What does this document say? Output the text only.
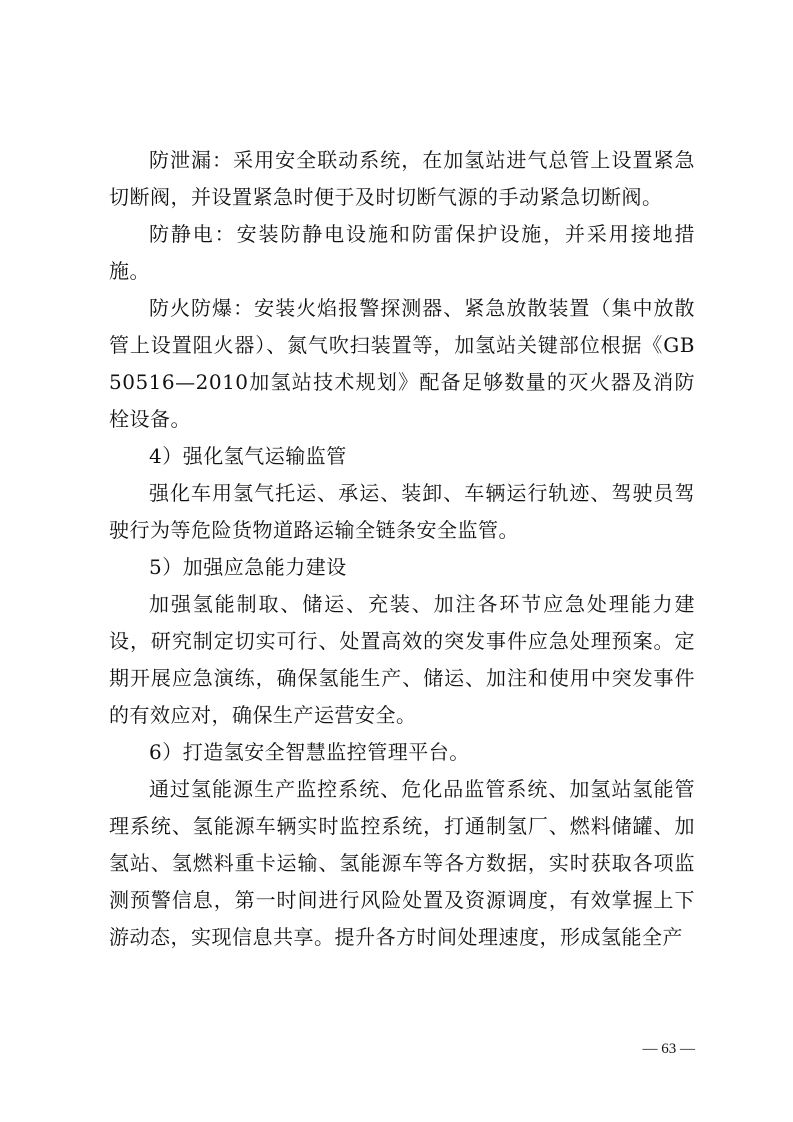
防泄漏：采用安全联动系统，在加氢站进气总管上设置紧急切断阀，并设置紧急时便于及时切断气源的手动紧急切断阀。

防静电：安装防静电设施和防雷保护设施，并采用接地措施。

防火防爆：安装火焰报警探测器、紧急放散装置（集中放散管上设置阻火器）、氮气吹扫装置等，加氢站关键部位根据《GB50516—2010加氢站技术规划》配备足够数量的灭火器及消防栓设备。

4）强化氢气运输监管

强化车用氢气托运、承运、装卸、车辆运行轨迹、驾驶员驾驶行为等危险货物道路运输全链条安全监管。

5）加强应急能力建设

加强氢能制取、储运、充装、加注各环节应急处理能力建设，研究制定切实可行、处置高效的突发事件应急处理预案。定期开展应急演练，确保氢能生产、储运、加注和使用中突发事件的有效应对，确保生产运营安全。

6）打造氢安全智慧监控管理平台。

通过氢能源生产监控系统、危化品监管系统、加氢站氢能管理系统、氢能源车辆实时监控系统，打通制氢厂、燃料储罐、加氢站、氢燃料重卡运输、氢能源车等各方数据，实时获取各项监测预警信息，第一时间进行风险处置及资源调度，有效掌握上下游动态，实现信息共享。提升各方时间处理速度，形成氢能全产

— 63 —
